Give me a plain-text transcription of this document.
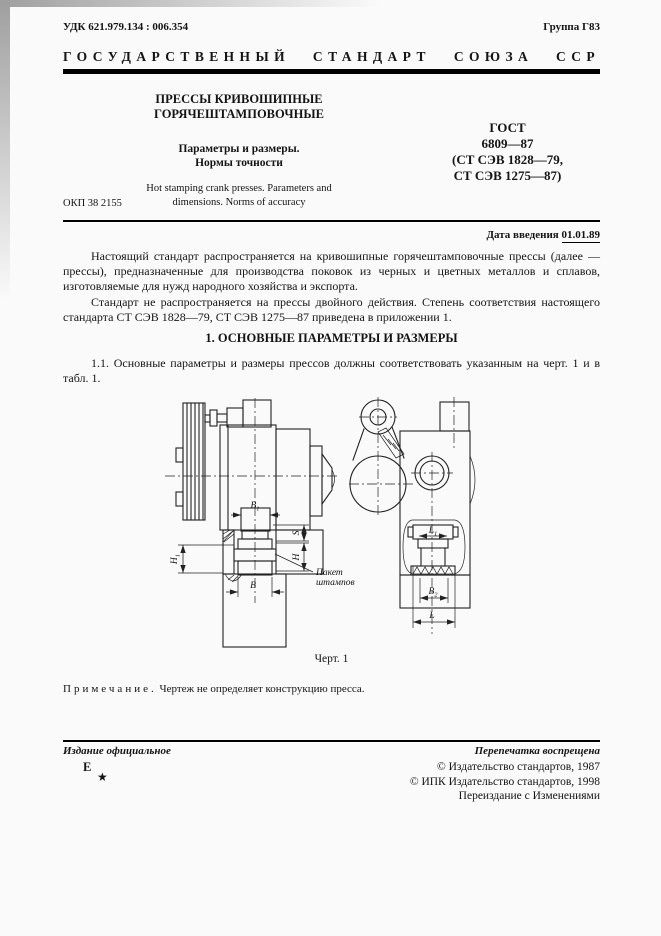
УДК 621.979.134 : 006.354	Группа Г83
ГОСУДАРСТВЕННЫЙ СТАНДАРТ СОЮЗА ССР
ПРЕССЫ КРИВОШИПНЫЕ
ГОРЯЧЕШТАМПОВОЧНЫЕ
Параметры и размеры.
Нормы точности
Hot stamping crank presses. Parameters and
dimensions. Norms of accuracy
ГОСТ
6809—87
(СТ СЭВ 1828—79,
СТ СЭВ 1275—87)
ОКП 38 2155
Дата введения 01.01.89

Настоящий стандарт распространяется на кривошипные горячештамповочные прессы (далее — прессы), предназначенные для производства поковок из черных и цветных металлов и сплавов, изготовляемые для нужд народного хозяйства и экспорта.

Стандарт не распространяется на прессы двойного действия. Степень соответствия настоящего стандарта СТ СЭВ 1828—79, СТ СЭВ 1275—87 приведена в приложении 1.

1. ОСНОВНЫЕ ПАРАМЕТРЫ И РАЗМЕРЫ

1.1. Основные параметры и размеры прессов должны соответствовать указанным на черт. 1 и в табл. 1.

$В_1$
S
Н
$Н_1$
В
Пакет
штампов
$L_1$
$В_2$
L
Черт. 1
Примечание. Чертеж не определяет конструкцию пресса.
Издание официальное	Перепечатка воспрещена
Е
★
© Издательство стандартов, 1987
© ИПК Издательство стандартов, 1998
Переиздание с Изменениями
